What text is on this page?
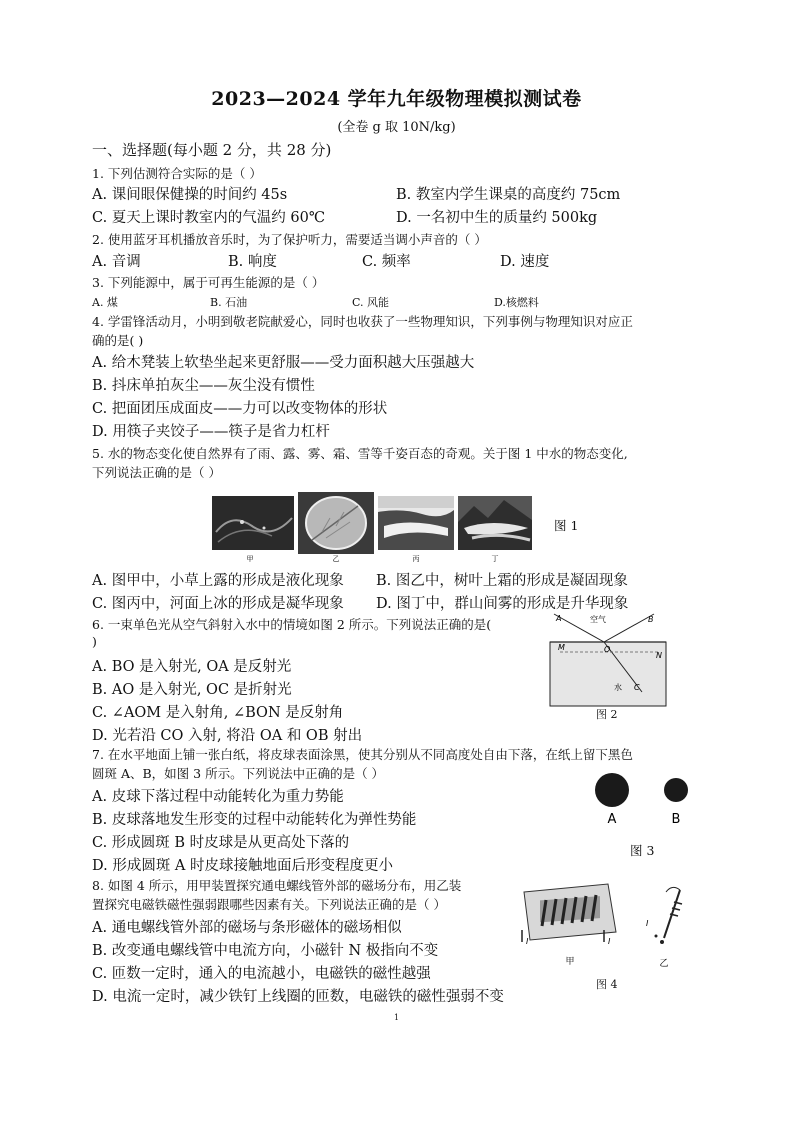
2023—2024 学年九年级物理模拟测试卷
(全卷 g 取 10N/kg)
一、选择题(每小题 2 分，共 28 分)
1. 下列估测符合实际的是（ ）
A. 课间眼保健操的时间约 45s	B. 教室内学生课桌的高度约 75cm
C. 夏天上课时教室内的气温约 60℃	D. 一名初中生的质量约 500kg
2. 使用蓝牙耳机播放音乐时，为了保护听力，需要适当调小声音的（ ）
A. 音调	B. 响度	C. 频率	D. 速度
3. 下列能源中，属于可再生能源的是（ ）
A. 煤	B. 石油	C. 风能	D.核燃料
4. 学雷锋活动月，小明到敬老院献爱心，同时也收获了一些物理知识，下列事例与物理知识对应正
确的是( )
A. 给木凳装上软垫坐起来更舒服——受力面积越大压强越大
B. 抖床单拍灰尘——灰尘没有惯性
C. 把面团压成面皮——力可以改变物体的形状
D. 用筷子夹饺子——筷子是省力杠杆
5. 水的物态变化使自然界有了雨、露、雾、霜、雪等千姿百态的奇观。关于图 1 中水的物态变化,
下列说法正确的是（ ）
甲	乙	丙	丁
图 1
A. 图甲中，小草上露的形成是液化现象 B. 图乙中，树叶上霜的形成是凝固现象
C. 图丙中，河面上冰的形成是凝华现象 D. 图丁中，群山间雾的形成是升华现象
6. 一束单色光从空气斜射入水中的情境如图 2 所示。下列说法正确的是(
)
A. BO 是入射光, OA 是反射光
B. AO 是入射光, OC 是折射光
C. ∠AOM 是入射角, ∠BON 是反射角
D. 光若沿 CO 入射, 将沿 OA 和 OB 射出
A	空气	B
M	O
N
水 C
图 2
7. 在水平地面上铺一张白纸，将皮球表面涂黑，使其分别从不同高度处自由下落，在纸上留下黑色
圆斑 A、B，如图 3 所示。下列说法中正确的是（ ）
A. 皮球下落过程中动能转化为重力势能
B. 皮球落地发生形变的过程中动能转化为弹性势能
C. 形成圆斑 B 时皮球是从更高处下落的
D. 形成圆斑 A 时皮球接触地面后形变程度更小
A	B
图 3
8. 如图 4 所示，用甲装置探究通电螺线管外部的磁场分布，用乙装
置探究电磁铁磁性强弱跟哪些因素有关。下列说法正确的是（ ）
A. 通电螺线管外部的磁场与条形磁体的磁场相似
B. 改变通电螺线管中电流方向，小磁针 N 极指向不变
C. 匝数一定时，通入的电流越小，电磁铁的磁性越强
D. 电流一定时，减少铁钉上线圈的匝数，电磁铁的磁性强弱不变
I	I
I
甲	乙
图 4
1
